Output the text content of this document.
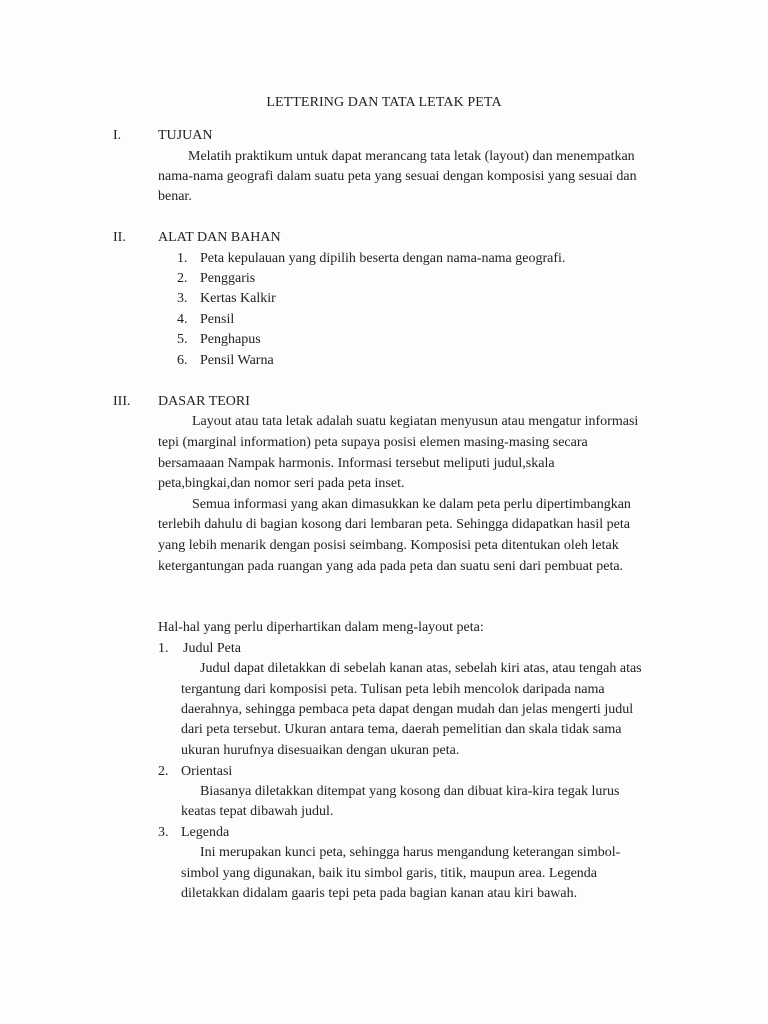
LETTERING DAN TATA LETAK PETA
I.	TUJUAN
Melatih praktikum untuk dapat merancang tata letak (layout) dan menempatkan
nama-nama geografi dalam suatu peta yang sesuai dengan komposisi yang sesuai dan
benar.
II. ALAT DAN BAHAN
1. Peta kepulauan yang dipilih beserta dengan nama-nama geografi.
2. Penggaris
3. Kertas Kalkir
4. Pensil
5. Penghapus
6. Pensil Warna
III. DASAR TEORI
Layout atau tata letak adalah suatu kegiatan menyusun atau mengatur informasi
tepi (marginal information) peta supaya posisi elemen masing-masing secara
bersamaaan Nampak harmonis. Informasi tersebut meliputi judul,skala
peta,bingkai,dan nomor seri pada peta inset.
Semua informasi yang akan dimasukkan ke dalam peta perlu dipertimbangkan
terlebih dahulu di bagian kosong dari lembaran peta. Sehingga didapatkan hasil peta
yang lebih menarik dengan posisi seimbang. Komposisi peta ditentukan oleh letak
ketergantungan pada ruangan yang ada pada peta dan suatu seni dari pembuat peta.
Hal-hal yang perlu diperhartikan dalam meng-layout peta:
1. Judul Peta
Judul dapat diletakkan di sebelah kanan atas, sebelah kiri atas, atau tengah atas
tergantung dari komposisi peta. Tulisan peta lebih mencolok daripada nama
daerahnya, sehingga pembaca peta dapat dengan mudah dan jelas mengerti judul
dari peta tersebut. Ukuran antara tema, daerah pemelitian dan skala tidak sama
ukuran hurufnya disesuaikan dengan ukuran peta.
2. Orientasi
Biasanya diletakkan ditempat yang kosong dan dibuat kira-kira tegak lurus
keatas tepat dibawah judul.
3. Legenda
Ini merupakan kunci peta, sehingga harus mengandung keterangan simbol-
simbol yang digunakan, baik itu simbol garis, titik, maupun area. Legenda
diletakkan didalam gaaris tepi peta pada bagian kanan atau kiri bawah.
